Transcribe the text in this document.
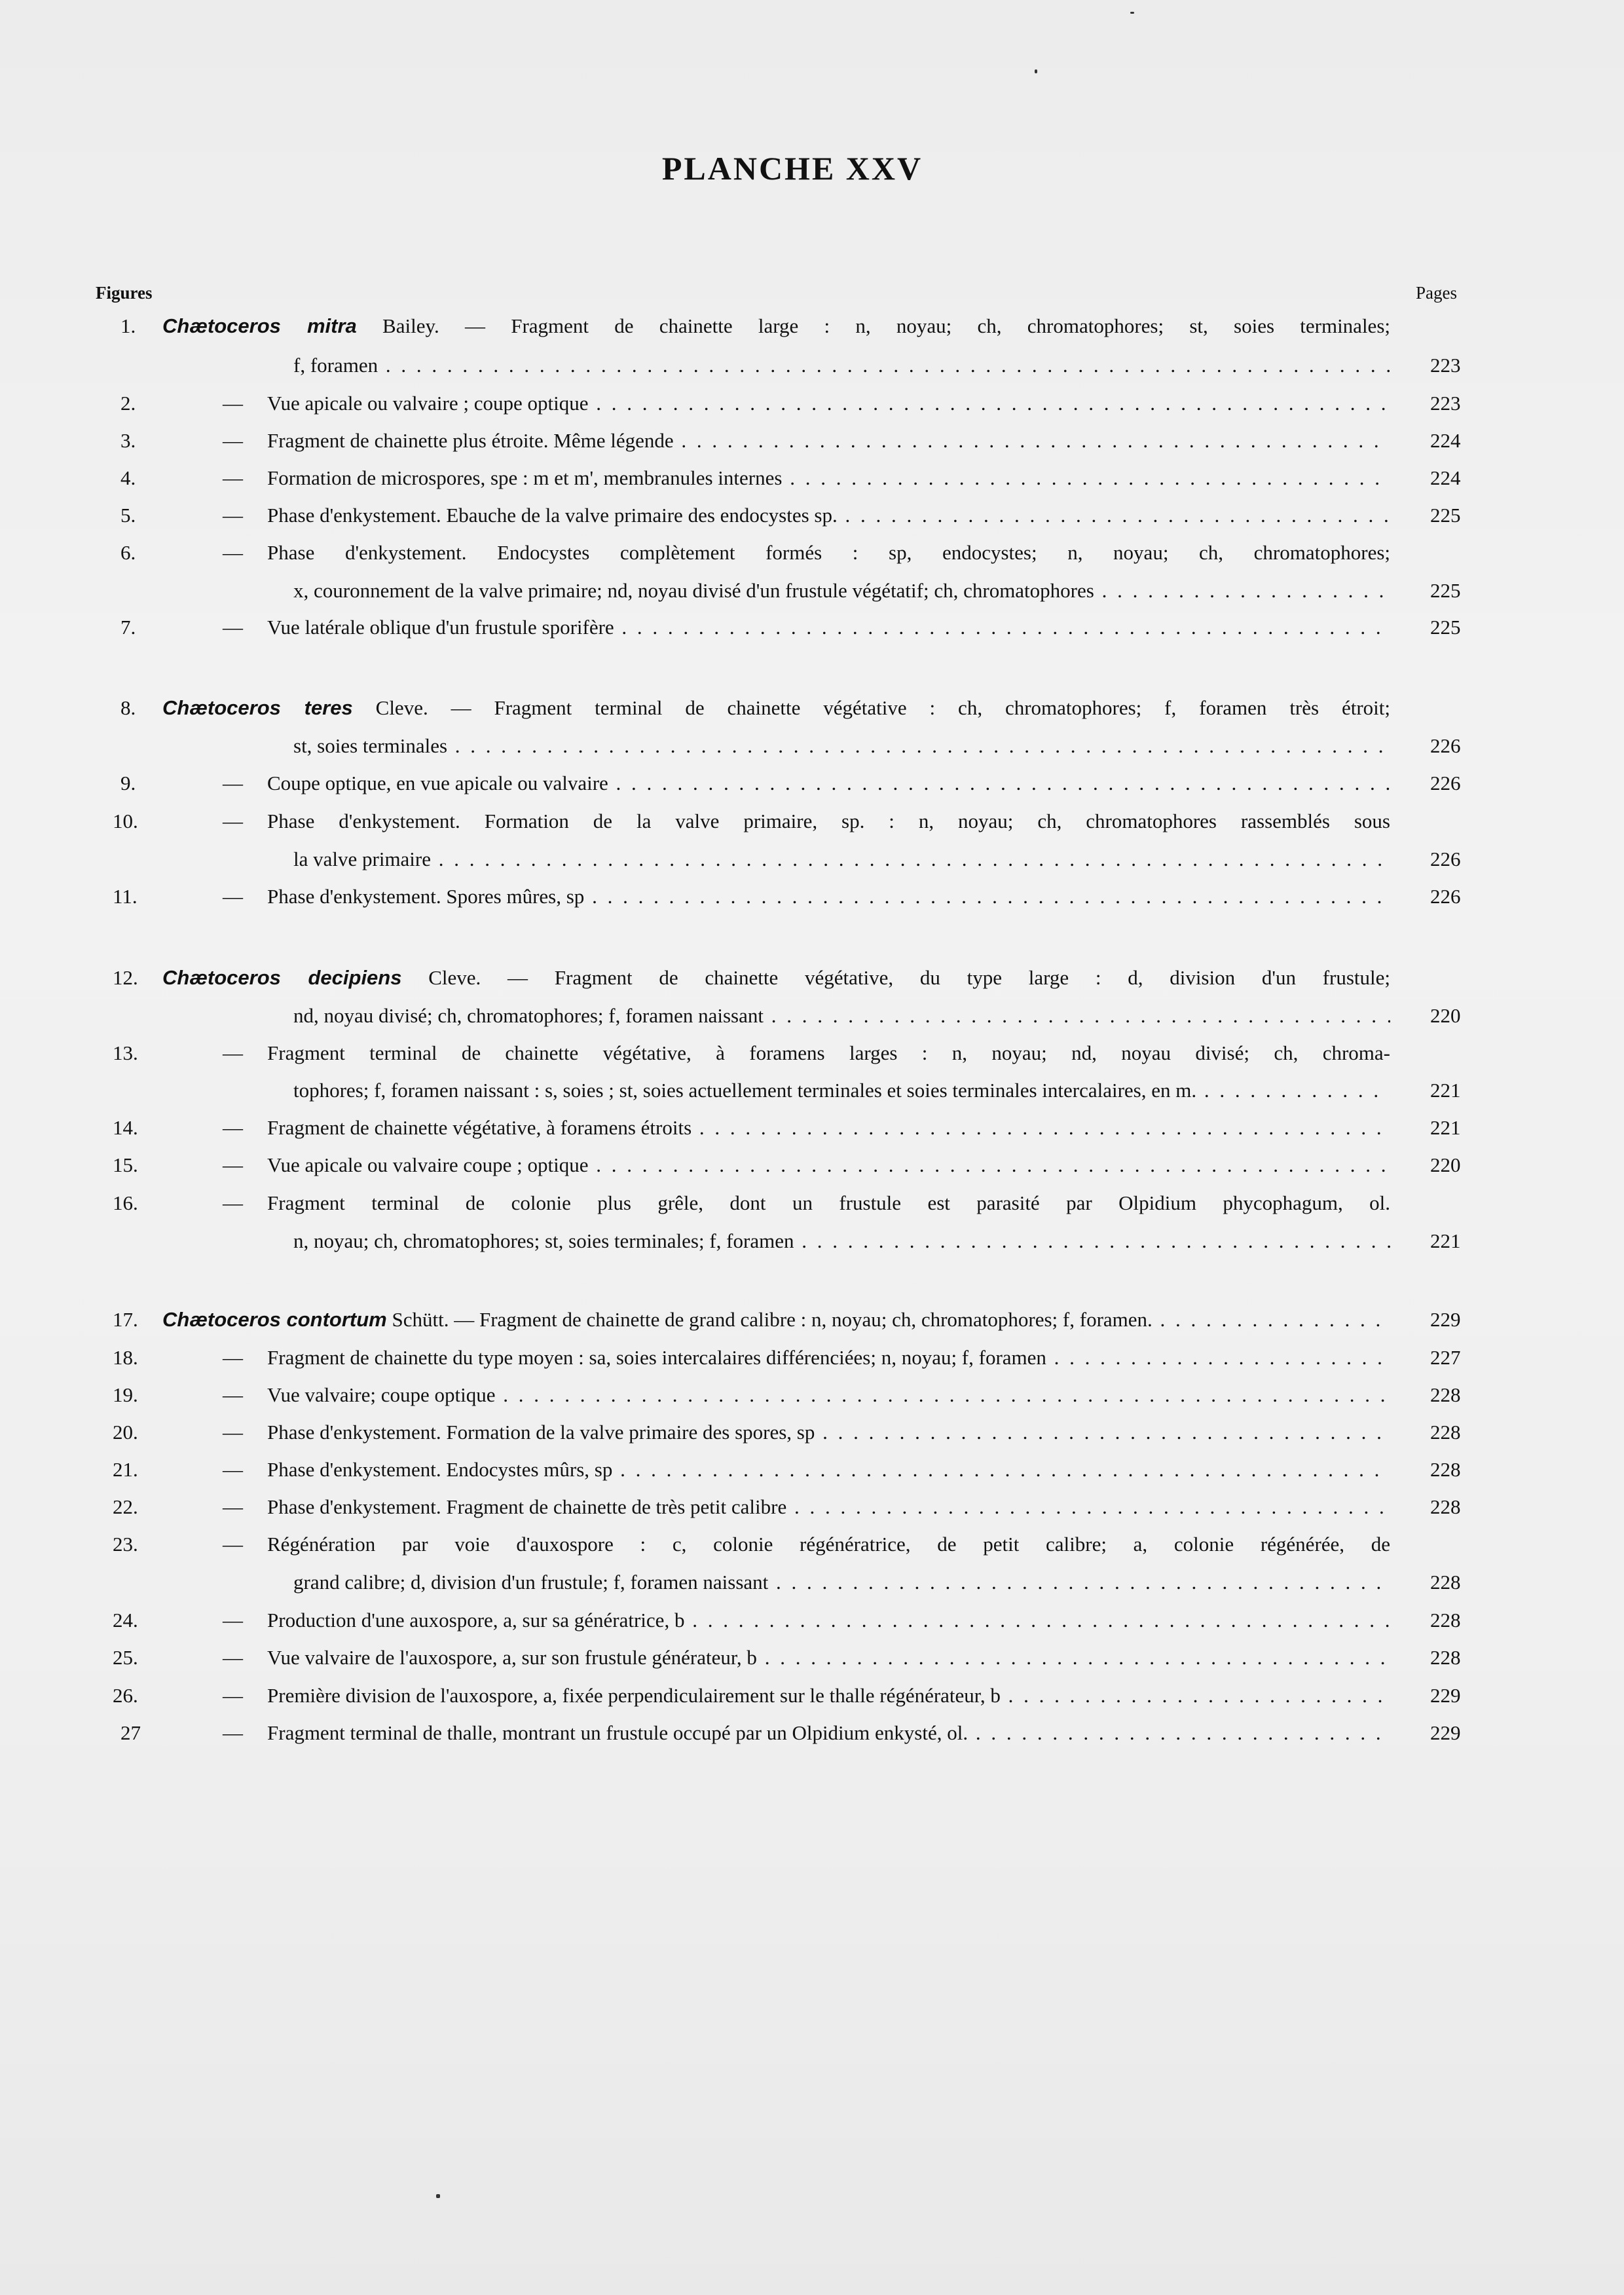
PLANCHE XXV
Figures	Pages
1. Chætoceros mitra Bailey. — Fragment de chainette large : n, noyau; ch, chromatophores; st, soies terminales;
f, foramen . . .	223
2.	— Vue apicale ou valvaire ; coupe optique . . .	223
3.	— Fragment de chainette plus étroite. Même légende . . .	224
4.	— Formation de microspores, spe : m et m', membranules internes . . .	224
5.	— Phase d'enkystement. Ebauche de la valve primaire des endocystes sp. . . .	225
6.	— Phase d'enkystement. Endocystes complètement formés : sp, endocystes; n, noyau; ch, chromatophores;
x, couronnement de la valve primaire; nd, noyau divisé d'un frustule végétatif; ch, chromatophores . . .	225
7.	— Vue latérale oblique d'un frustule sporifère . . .	225
8. Chætoceros teres Cleve. — Fragment terminal de chainette végétative : ch, chromatophores; f, foramen très étroit;
st, soies terminales . . .	226
9.	— Coupe optique, en vue apicale ou valvaire . . .	226
10.	— Phase d'enkystement. Formation de la valve primaire, sp. : n, noyau; ch, chromatophores rassemblés sous
la valve primaire . . .	226
11.	— Phase d'enkystement. Spores mûres, sp . . .	226
12. Chætoceros decipiens Cleve. — Fragment de chainette végétative, du type large : d, division d'un frustule;
nd, noyau divisé; ch, chromatophores; f, foramen naissant . . .	220
13.	— Fragment terminal de chainette végétative, à foramens larges : n, noyau; nd, noyau divisé; ch, chroma-
tophores; f, foramen naissant : s, soies ; st, soies actuellement terminales et soies terminales intercalaires, en m. . . .	221
14.	— Fragment de chainette végétative, à foramens étroits . . .	221
15.	— Vue apicale ou valvaire coupe ; optique . . .	220
16.	— Fragment terminal de colonie plus grêle, dont un frustule est parasité par Olpidium phycophagum, ol.
n, noyau; ch, chromatophores; st, soies terminales; f, foramen . . .	221
17. Chætoceros contortum Schütt. — Fragment de chainette de grand calibre : n, noyau; ch, chromatophores; f, foramen. . . .	229
18.	— Fragment de chainette du type moyen : sa, soies intercalaires différenciées; n, noyau; f, foramen . . .	227
19.	— Vue valvaire; coupe optique . . .	228
20.	— Phase d'enkystement. Formation de la valve primaire des spores, sp . . .	228
21.	— Phase d'enkystement. Endocystes mûrs, sp . . .	228
22.	— Phase d'enkystement. Fragment de chainette de très petit calibre . . .	228
23.	— Régénération par voie d'auxospore : c, colonie régénératrice, de petit calibre; a, colonie régénérée, de
grand calibre; d, division d'un frustule; f, foramen naissant . . .	228
24.	— Production d'une auxospore, a, sur sa génératrice, b . . .	228
25.	— Vue valvaire de l'auxospore, a, sur son frustule générateur, b . . .	228
26.	— Première division de l'auxospore, a, fixée perpendiculairement sur le thalle régénérateur, b . . .	229
27	— Fragment terminal de thalle, montrant un frustule occupé par un Olpidium enkysté, ol. . . .	229
